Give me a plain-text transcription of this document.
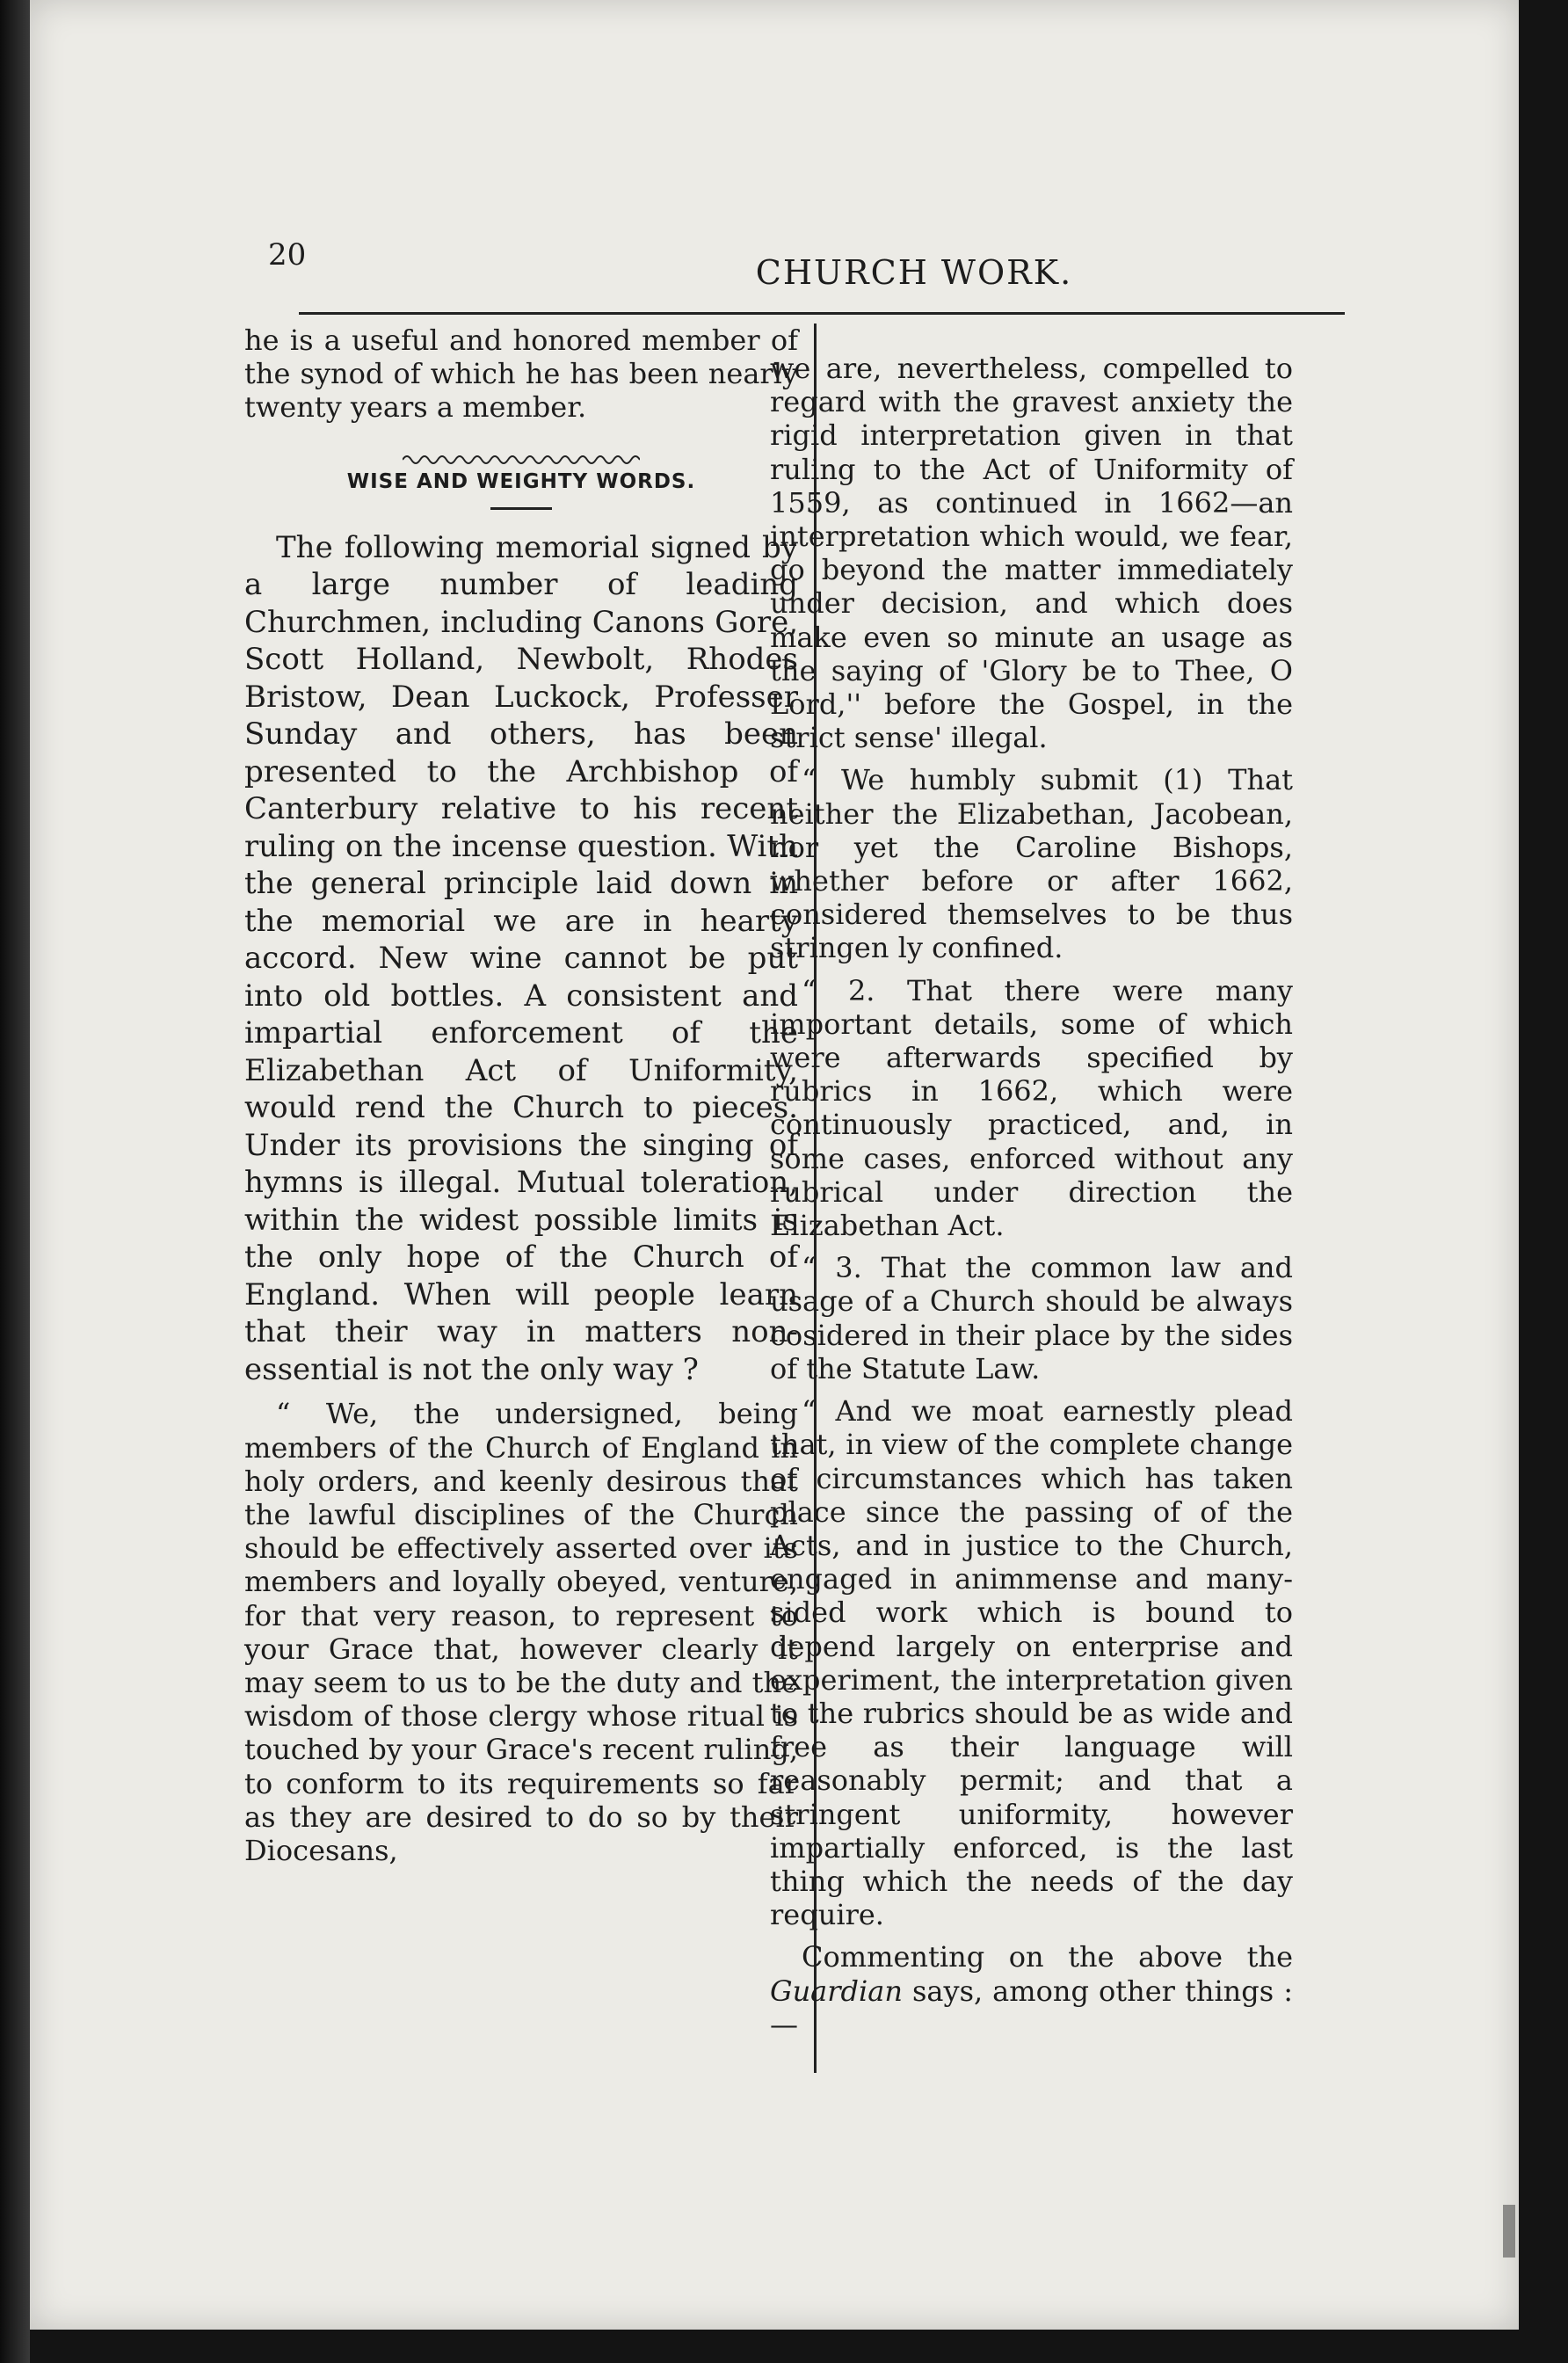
20	CHURCH WORK.

he is a useful and honored member of the synod of which he has been nearly twenty years a member.

WISE AND WEIGHTY WORDS.

The following memorial signed by a large number of leading Churchmen, including Canons Gore, Scott Holland, Newbolt, Rhodes Bristow, Dean Luckock, Professer Sunday and others, has been presented to the Archbishop of Canterbury relative to his recent ruling on the incense question. With the general principle laid down in the memorial we are in hearty accord. New wine cannot be put into old bottles. A consistent and impartial enforcement of the Elizabethan Act of Uniformity, would rend the Church to pieces. Under its provisions the singing of hymns is illegal. Mutual toleration, within the widest possible limits is the only hope of the Church of England. When will people learn that their way in matters non-essential is not the only way ?

“ We, the undersigned, being members of the Church of England in holy orders, and keenly desirous that the lawful disciplines of the Church should be effectively asserted over its members and loyally obeyed, venture, for that very reason, to represent to your Grace that, however clearly it may seem to us to be the duty and the wisdom of those clergy whose ritual is touched by your Grace's recent ruling, to conform to its requirements so far as they are desired to do so by their Diocesans,

we are, nevertheless, compelled to regard with the gravest anxiety the rigid interpretation given in that ruling to the Act of Uniformity of 1559, as continued in 1662—an interpretation which would, we fear, go beyond the matter immediately under decision, and which does make even so minute an usage as the saying of 'Glory be to Thee, O Lord,'' before the Gospel, in the strict sense' illegal.

“ We humbly submit (1) That neither the Elizabethan, Jacobean, nor yet the Caroline Bishops, whether before or after 1662, considered themselves to be thus stringen ly confined.

“ 2. That there were many important details, some of which were afterwards specified by rubrics in 1662, which were continuously practiced, and, in some cases, enforced without any rubrical under direction the Elizabethan Act.

“ 3. That the common law and usage of a Church should be always cosidered in their place by the sides of the Statute Law.

“ And we moat earnestly plead that, in view of the complete change of circumstances which has taken place since the passing of of the Acts, and in justice to the Church, engaged in animmense and many-sided work which is bound to depend largely on enterprise and experiment, the interpretation given to the rubrics should be as wide and free as their language will reasonably permit; and that a stringent uniformity, however impartially enforced, is the last thing which the needs of the day require.

Commenting on the above the Guardian says, among other things :—
